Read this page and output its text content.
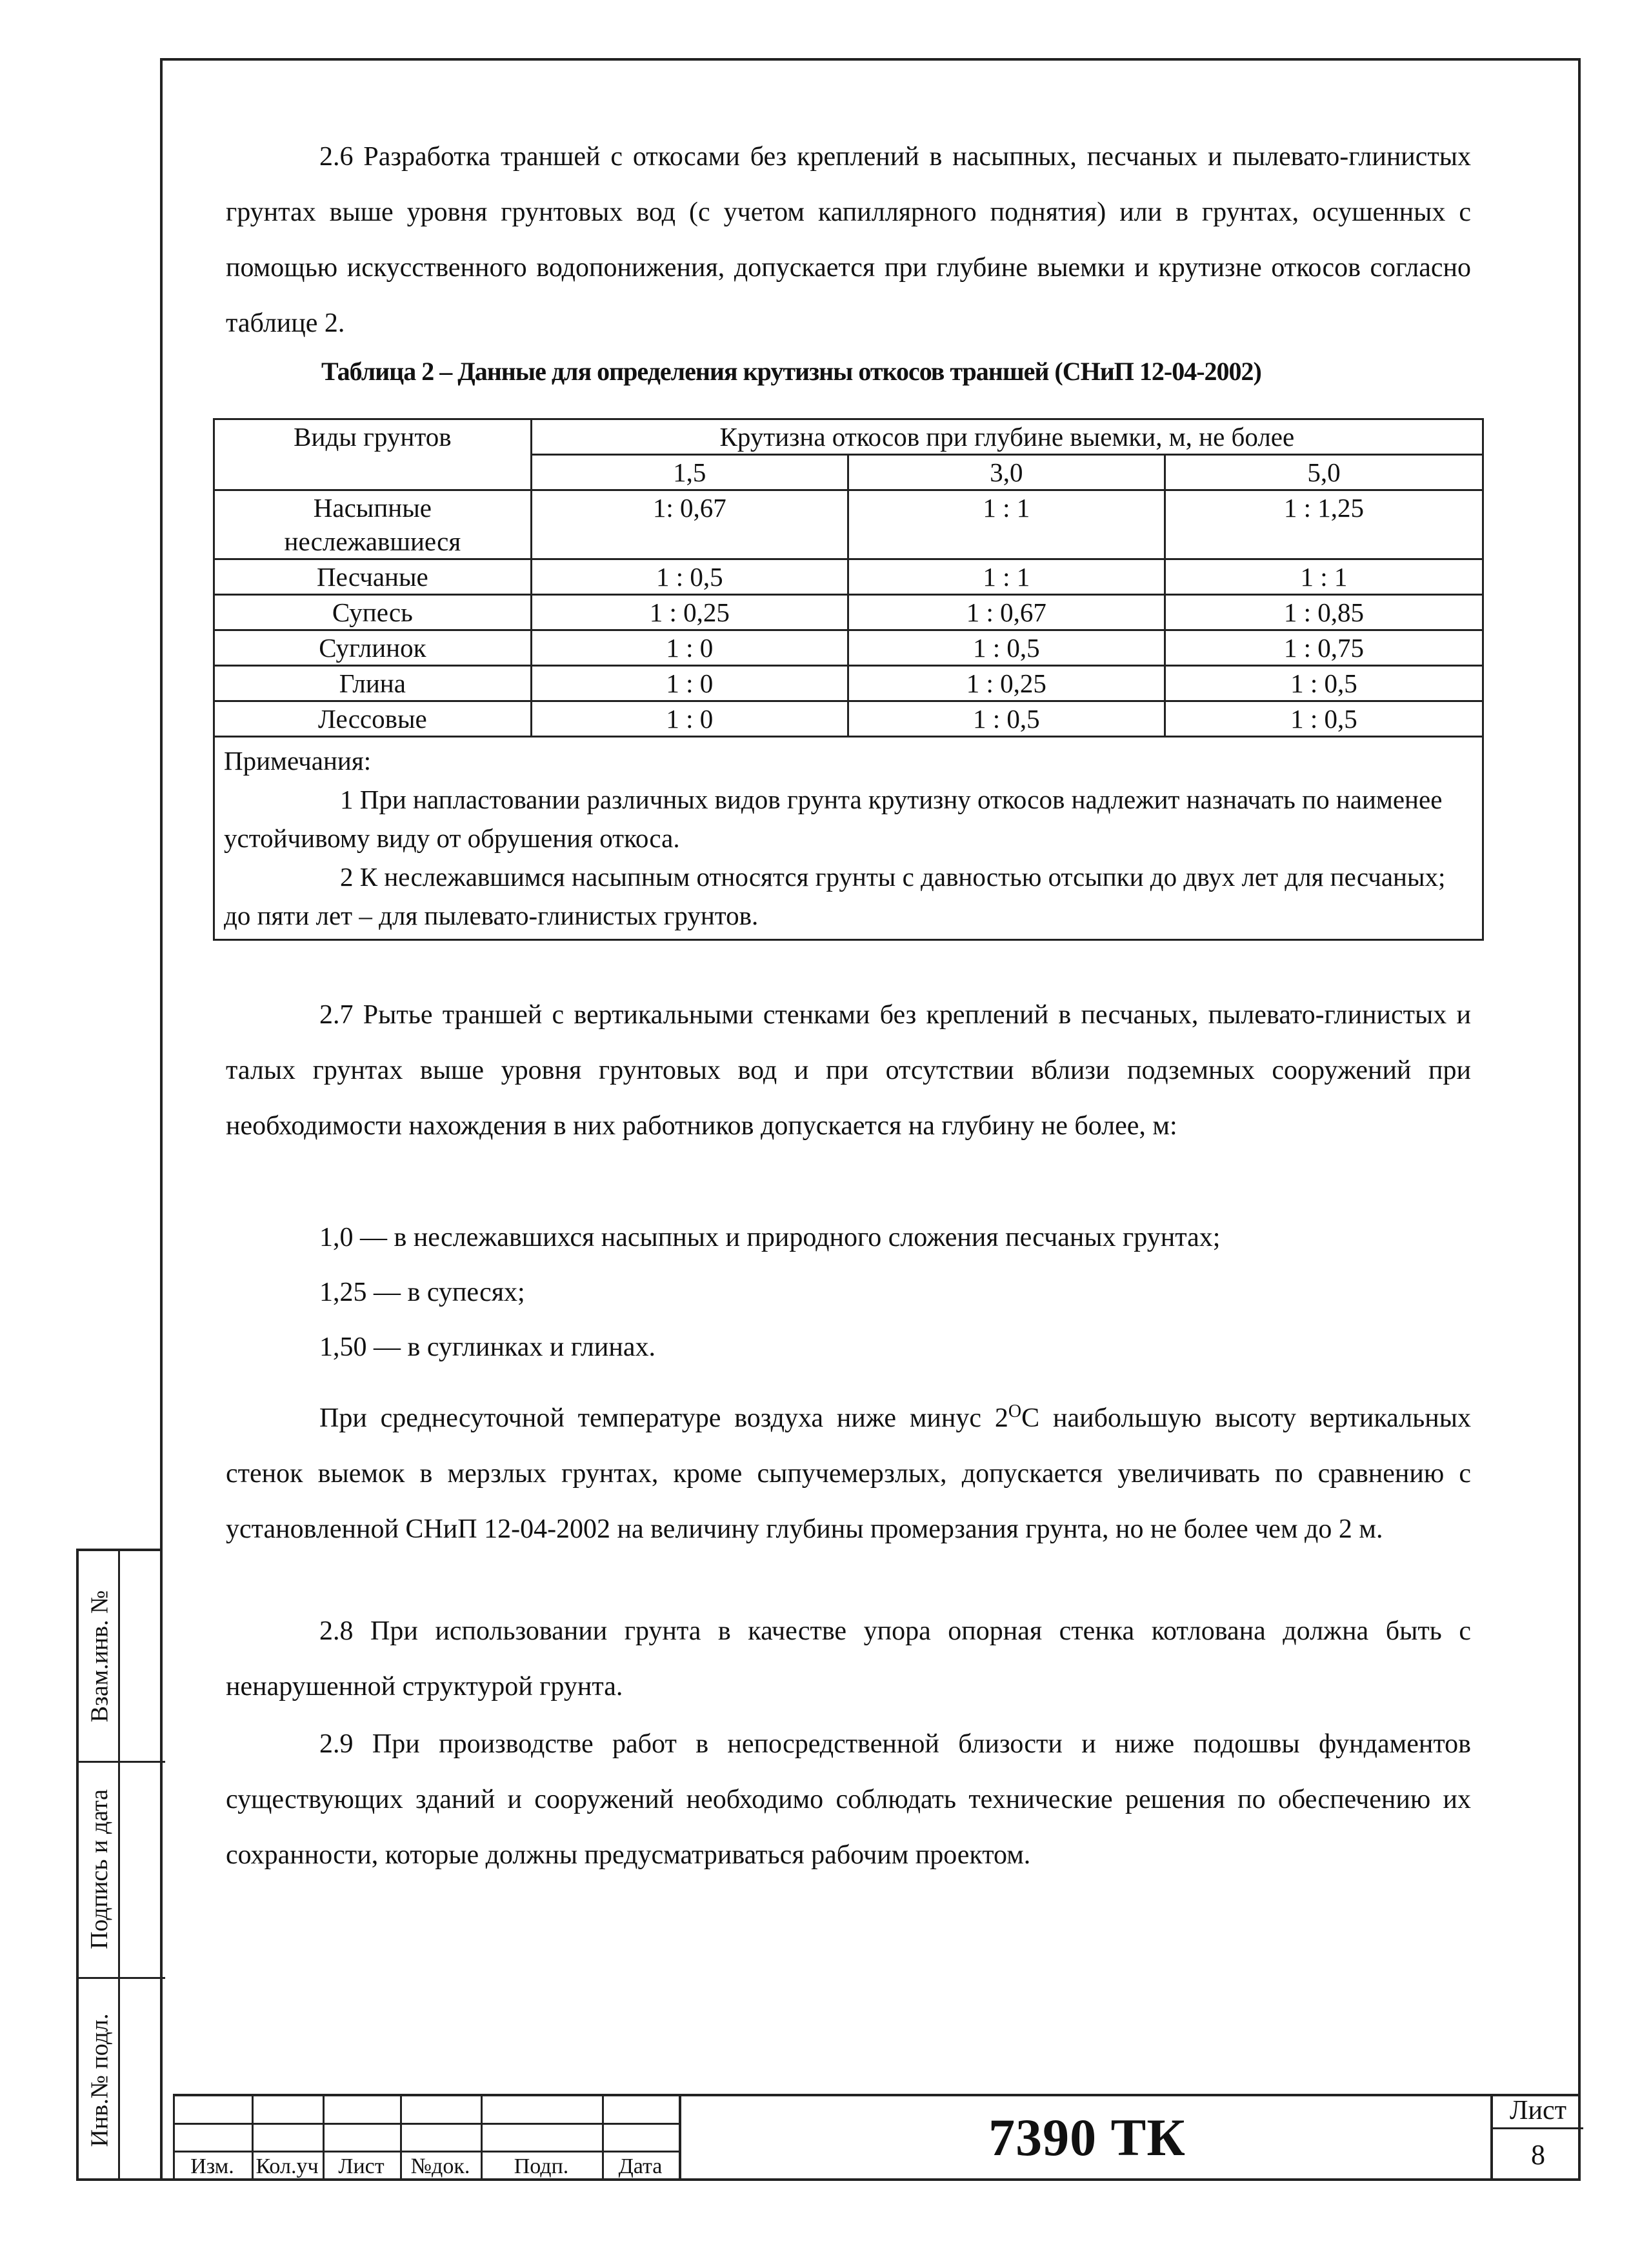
2.6 Разработка траншей с откосами без креплений в насыпных, песчаных и пылевато-глинистых грунтах выше уровня грунтовых вод (с учетом капиллярного поднятия) или в грунтах, осушенных с помощью искусственного водопонижения, допускается при глубине выемки и крутизне откосов согласно таблице 2.

Таблица 2 – Данные для определения крутизны откосов траншей (СНиП 12-04-2002)
Виды грунтов	Крутизна откосов при глубине выемки, м, не более		
	1,5	3,0	5,0
Насыпные неслежавшиеся	1: 0,67	1 : 1	1 : 1,25
Песчаные	1 : 0,5	1 : 1	1 : 1
Супесь	1 : 0,25	1 : 0,67	1 : 0,85
Суглинок	1 : 0	1 : 0,5	1 : 0,75
Глина	1 : 0	1 : 0,25	1 : 0,5
Лессовые	1 : 0	1 : 0,5	1 : 0,5

Примечания:
1 При напластовании различных видов грунта крутизну откосов надлежит назначать по наименее устойчивому виду от обрушения откоса.
2 К неслежавшимся насыпным относятся грунты с давностью отсыпки до двух лет для песчаных; до пяти лет – для пылевато-глинистых грунтов.			

2.7 Рытье траншей с вертикальными стенками без креплений в песчаных, пылевато-глинистых и талых грунтах выше уровня грунтовых вод и при отсутствии вблизи подземных сооружений при необходимости нахождения в них работников допускается на глубину не более, м:

1,0 — в неслежавшихся насыпных и природного сложения песчаных грунтах;
1,25 — в супесях;
1,50 — в суглинках и глинах.

При среднесуточной температуре воздуха ниже минус $2^ОС$ наибольшую высоту вертикальных стенок выемок в мерзлых грунтах, кроме сыпучемерзлых, допускается увеличивать по сравнению с установленной СНиП 12-04-2002 на величину глубины промерзания грунта, но не более чем до 2 м.

2.8 При использовании грунта в качестве упора опорная стенка котлована должна быть с ненарушенной структурой грунта.

2.9 При производстве работ в непосредственной близости и ниже подошвы фундаментов существующих зданий и сооружений необходимо соблюдать технические решения по обеспечению их сохранности, которые должны предусматриваться рабочим проектом.

Взам.инв. №
Подпись и дата
Инв.№ подл.
Изм. Кол.уч Лист	№док.	Подп.	Дата	7390 ТК	Лист
8
